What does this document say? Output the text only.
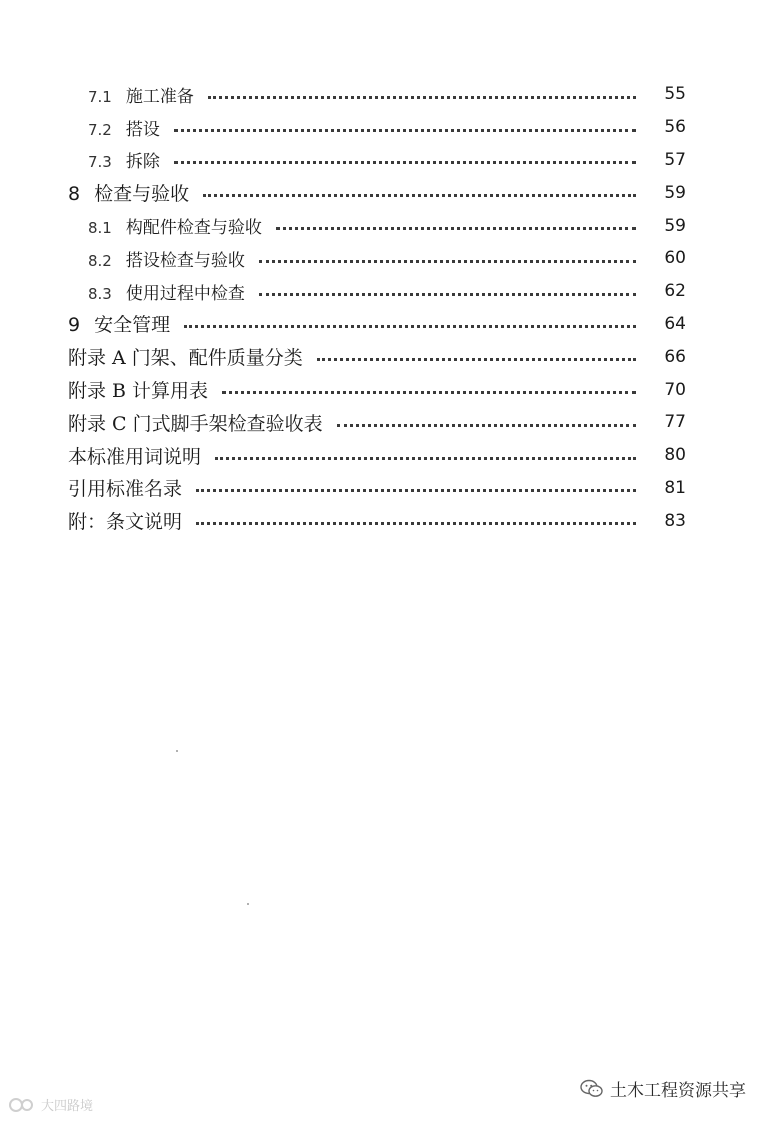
7.1 施工准备	55
7.2 搭设	56
7.3 拆除	57
8 检查与验收	59
8.1 构配件检查与验收	59
8.2 搭设检查与验收	60
8.3 使用过程中检查	62
9 安全管理	64
附录 A 门架、配件质量分类	66
附录 B 计算用表	70
附录 C 门式脚手架检查验收表	77
本标准用词说明	80
引用标准名录	81
附：条文说明	83
土木工程资源共享
大四路境
